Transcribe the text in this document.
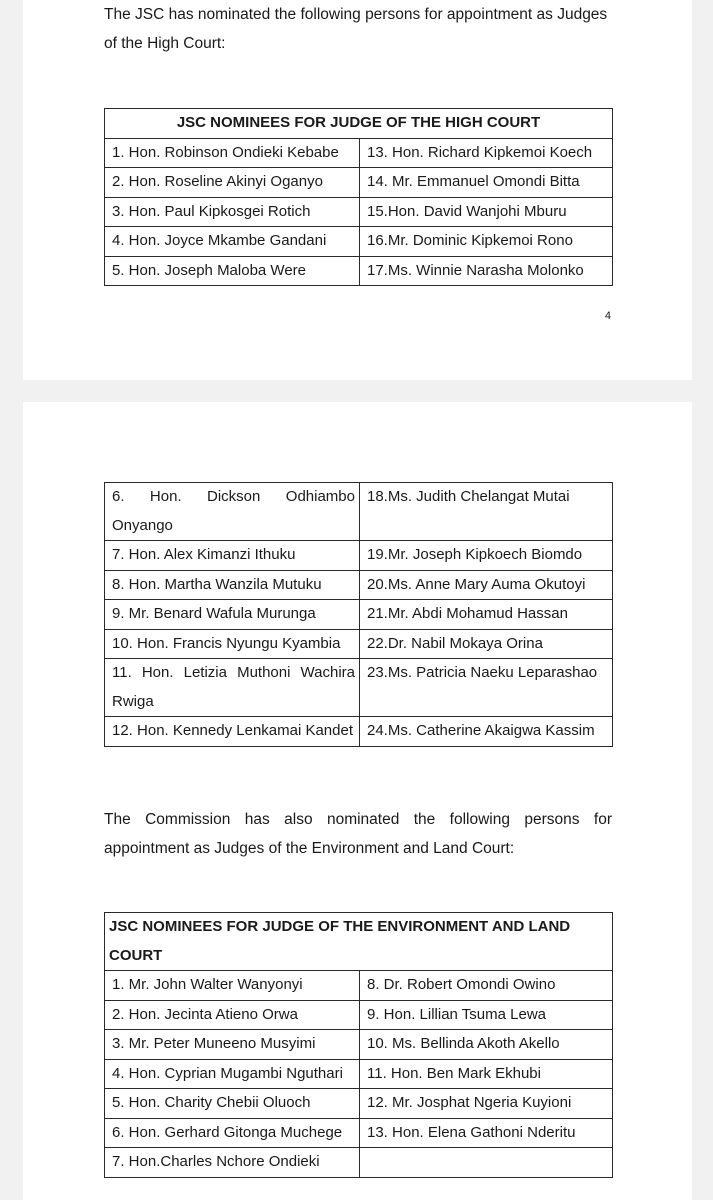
The JSC has nominated the following persons for appointment as Judges of the High Court:

JSC NOMINEES FOR JUDGE OF THE HIGH COURT	
1. Hon. Robinson Ondieki Kebabe	13. Hon. Richard Kipkemoi Koech
2. Hon. Roseline Akinyi Oganyo	14. Mr. Emmanuel Omondi Bitta
3. Hon. Paul Kipkosgei Rotich	15.Hon. David Wanjohi Mburu
4. Hon. Joyce Mkambe Gandani	16.Mr. Dominic Kipkemoi Rono
5. Hon. Joseph Maloba Were	17.Ms. Winnie Narasha Molonko
4
6. Hon. Dickson Odhiambo Onyango	18.Ms. Judith Chelangat Mutai
7. Hon. Alex Kimanzi Ithuku	19.Mr. Joseph Kipkoech Biomdo
8. Hon. Martha Wanzila Mutuku	20.Ms. Anne Mary Auma Okutoyi
9. Mr. Benard Wafula Murunga	21.Mr. Abdi Mohamud Hassan
10. Hon. Francis Nyungu Kyambia	22.Dr. Nabil Mokaya Orina
11. Hon. Letizia Muthoni Wachira Rwiga	23.Ms. Patricia Naeku Leparashao
12. Hon. Kennedy Lenkamai Kandet	24.Ms. Catherine Akaigwa Kassim

The Commission has also nominated the following persons for appointment as Judges of the Environment and Land Court:

JSC NOMINEES FOR JUDGE OF THE ENVIRONMENT AND LAND COURT	
1. Mr. John Walter Wanyonyi	8. Dr. Robert Omondi Owino
2. Hon. Jecinta Atieno Orwa	9. Hon. Lillian Tsuma Lewa
3. Mr. Peter Muneeno Musyimi	10. Ms. Bellinda Akoth Akello
4. Hon. Cyprian Mugambi Nguthari	11. Hon. Ben Mark Ekhubi
5. Hon. Charity Chebii Oluoch	12. Mr. Josphat Ngeria Kuyioni
6. Hon. Gerhard Gitonga Muchege	13. Hon. Elena Gathoni Nderitu
7. Hon.Charles Nchore Ondieki	
